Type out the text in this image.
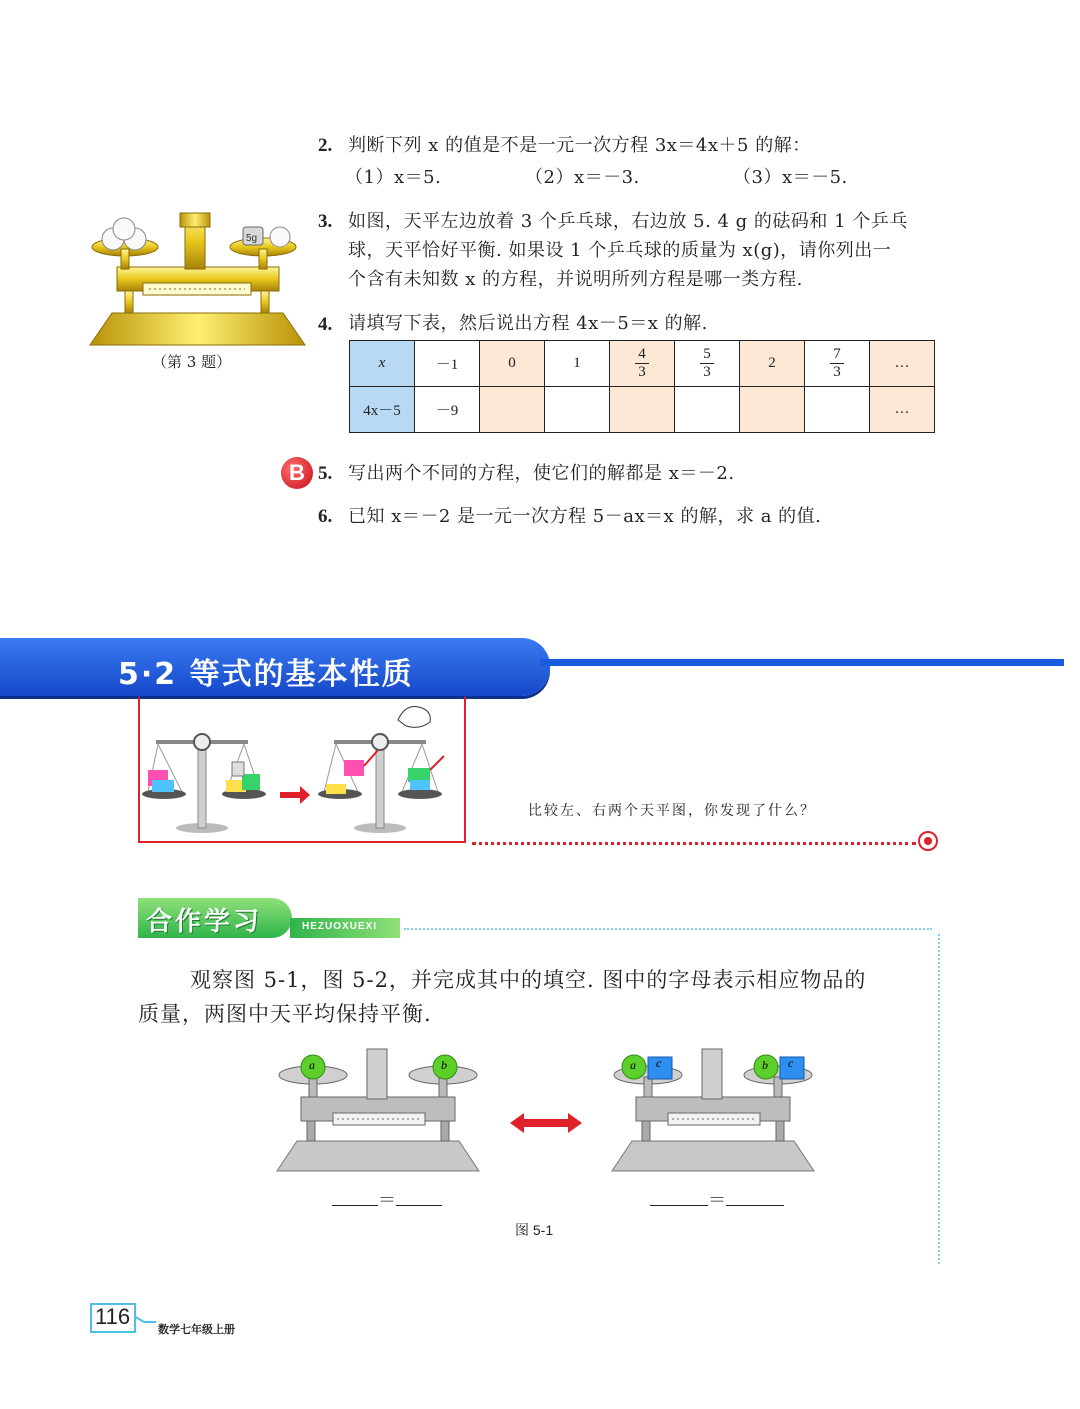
2. 判断下列 x 的值是不是一元一次方程 3x＝4x＋5 的解：
（1）x＝5.	（2）x＝－3.	（3）x＝－5.
5g
（第 3 题）
3. 如图，天平左边放着 3 个乒乓球，右边放 5. 4 g 的砝码和 1 个乒乓
球，天平恰好平衡. 如果设 1 个乒乓球的质量为 x(g)，请你列出一
个含有未知数 x 的方程，并说明所列方程是哪一类方程.
4. 请填写下表，然后说出方程 4x－5＝x 的解.
x	－1	0	1	$\frac{4}{3}$	$\frac{5}{3}$	2	$\frac{7}{3}$	…
4x－5	－9							…
B 5. 写出两个不同的方程，使它们的解都是 x＝－2.
6. 已知 x＝－2 是一元一次方程 5－ax＝x 的解，求 a 的值.
5·2 等式的基本性质
比较左、右两个天平图，你发现了什么？
合作学习	HEZUOXUEXI
观察图 5-1，图 5-2，并完成其中的填空. 图中的字母表示相应物品的
质量，两图中天平均保持平衡.
a	b	a c	b c
＝	＝
图 5-1
116
数学七年级上册
